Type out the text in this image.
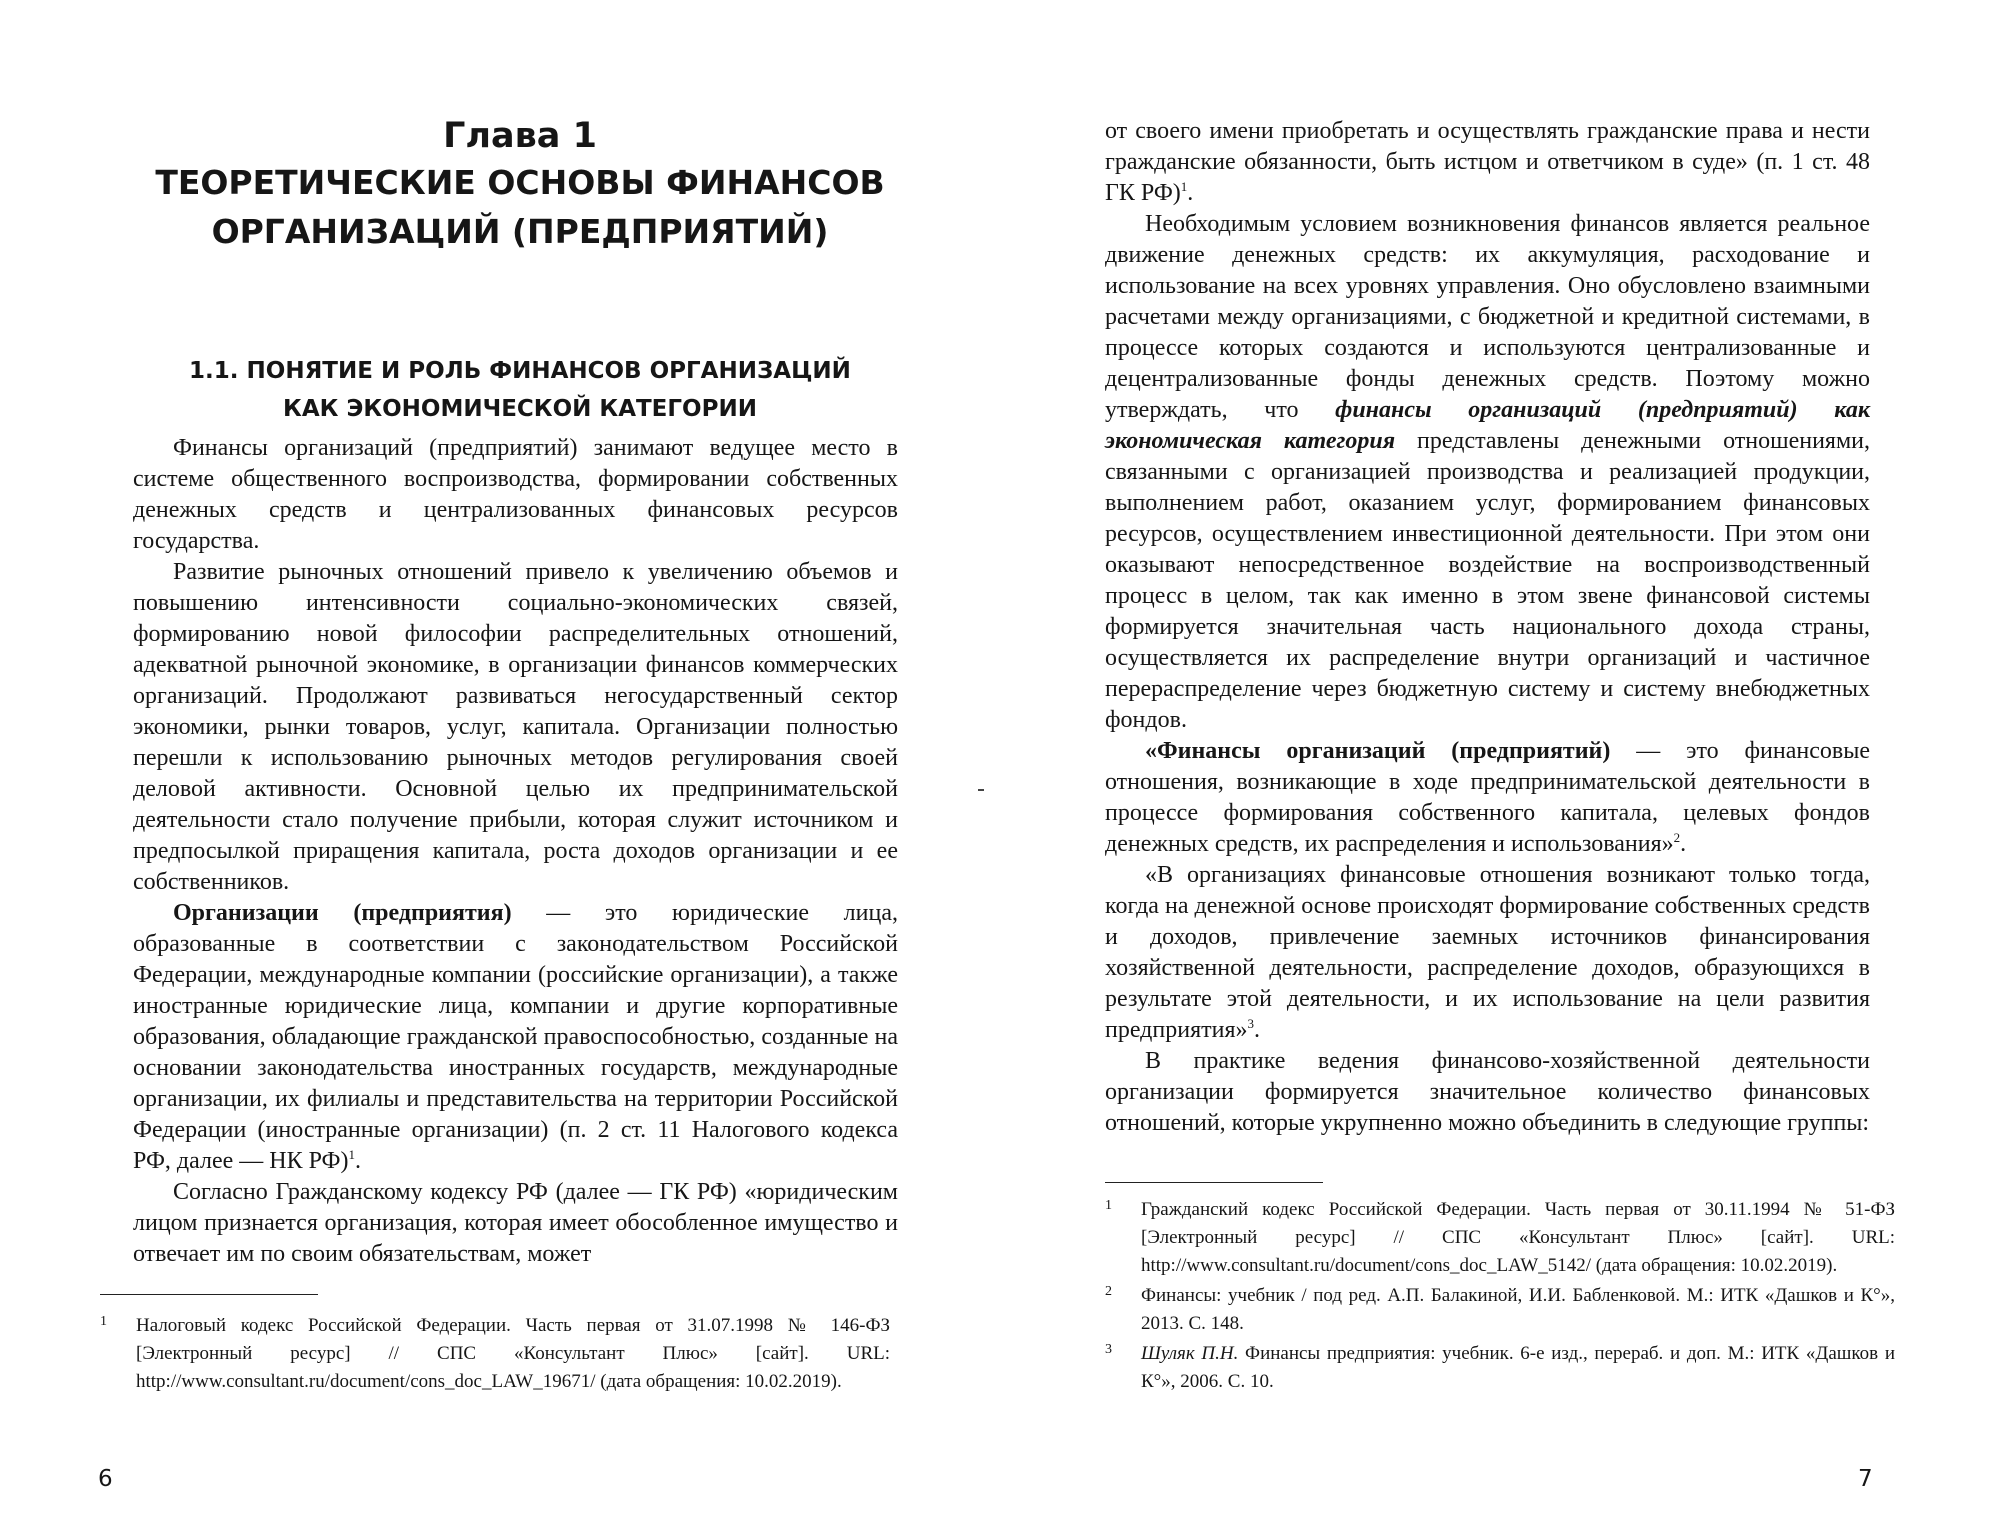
Глава 1
ТЕОРЕТИЧЕСКИЕ ОСНОВЫ ФИНАНСОВ ОРГАНИЗАЦИЙ (ПРЕДПРИЯТИЙ)
1.1. ПОНЯТИЕ И РОЛЬ ФИНАНСОВ ОРГАНИЗАЦИЙ КАК ЭКОНОМИЧЕСКОЙ КАТЕГОРИИ

Финансы организаций (предприятий) занимают ведущее место в системе общественного воспроизводства, формировании собственных денежных средств и централизованных финансовых ресурсов государства.

Развитие рыночных отношений привело к увеличению объемов и повышению интенсивности социально-экономических связей, формированию новой философии распределительных отношений, адекватной рыночной экономике, в организации финансов коммерческих организаций. Продолжают развиваться негосударственный сектор экономики, рынки товаров, услуг, капитала. Организации полностью перешли к использованию рыночных методов регулирования своей деловой активности. Основной целью их предпринимательской деятельности стало получение прибыли, которая служит источником и предпосылкой приращения капитала, роста доходов организации и ее собственников.

Организации (предприятия) — это юридические лица, образованные в соответствии с законодательством Российской Федерации, международные компании (российские организации), а также иностранные юридические лица, компании и другие корпоративные образования, обладающие гражданской правоспособностью, созданные на основании законодательства иностранных государств, международные организации, их филиалы и представительства на территории Российской Федерации (иностранные организации) (п. 2 ст. 11 Налогового кодекса РФ, далее — НК РФ)$^1$.

Согласно Гражданскому кодексу РФ (далее — ГК РФ) «юридическим лицом признается организация, которая имеет обособленное имущество и отвечает им по своим обязательствам, может

1	Налоговый кодекс Российской Федерации. Часть первая от 31.07.1998 № 146-ФЗ [Электронный ресурс] // СПС «Консультант Плюс» [сайт]. URL: http://www.consultant.ru/document/cons_doc_LAW_19671/ (дата обращения: 10.02.2019).

6

от своего имени приобретать и осуществлять гражданские права и нести гражданские обязанности, быть истцом и ответчиком в суде» (п. 1 ст. 48 ГК РФ)$^1$.

Необходимым условием возникновения финансов является реальное движение денежных средств: их аккумуляция, расходование и использование на всех уровнях управления. Оно обусловлено взаимными расчетами между организациями, с бюджетной и кредитной системами, в процессе которых создаются и используются централизованные и децентрализованные фонды денежных средств. Поэтому можно утверждать, что финансы организаций (предприятий) как экономическая категория представлены денежными отношениями, связанными с организацией производства и реализацией продукции, выполнением работ, оказанием услуг, формированием финансовых ресурсов, осуществлением инвестиционной деятельности. При этом они оказывают непосредственное воздействие на воспроизводственный процесс в целом, так как именно в этом звене финансовой системы формируется значительная часть национального дохода страны, осуществляется их распределение внутри организаций и частичное перераспределение через бюджетную систему и систему внебюджетных фондов.

«Финансы организаций (предприятий) — это финансовые отношения, возникающие в ходе предпринимательской деятельности в процессе формирования собственного капитала, целевых фондов денежных средств, их распределения и использования»$^2$.

«В организациях финансовые отношения возникают только тогда, когда на денежной основе происходят формирование собственных средств и доходов, привлечение заемных источников финансирования хозяйственной деятельности, распределение доходов, образующихся в результате этой деятельности, и их использование на цели развития предприятия»$^3$.

В практике ведения финансово-хозяйственной деятельности организации формируется значительное количество финансовых отношений, которые укрупненно можно объединить в следующие группы:

1	Гражданский кодекс Российской Федерации. Часть первая от 30.11.1994 № 51-ФЗ [Электронный ресурс] // СПС «Консультант Плюс» [сайт]. URL: http://www.consultant.ru/document/cons_doc_LAW_5142/ (дата обращения: 10.02.2019).
2	Финансы: учебник / под ред. А.П. Балакиной, И.И. Бабленковой. М.: ИТК «Дашков и К°», 2013. С. 148.
3	Шуляк П.Н. Финансы предприятия: учебник. 6-е изд., перераб. и доп. М.: ИТК «Дашков и К°», 2006. С. 10.

7
